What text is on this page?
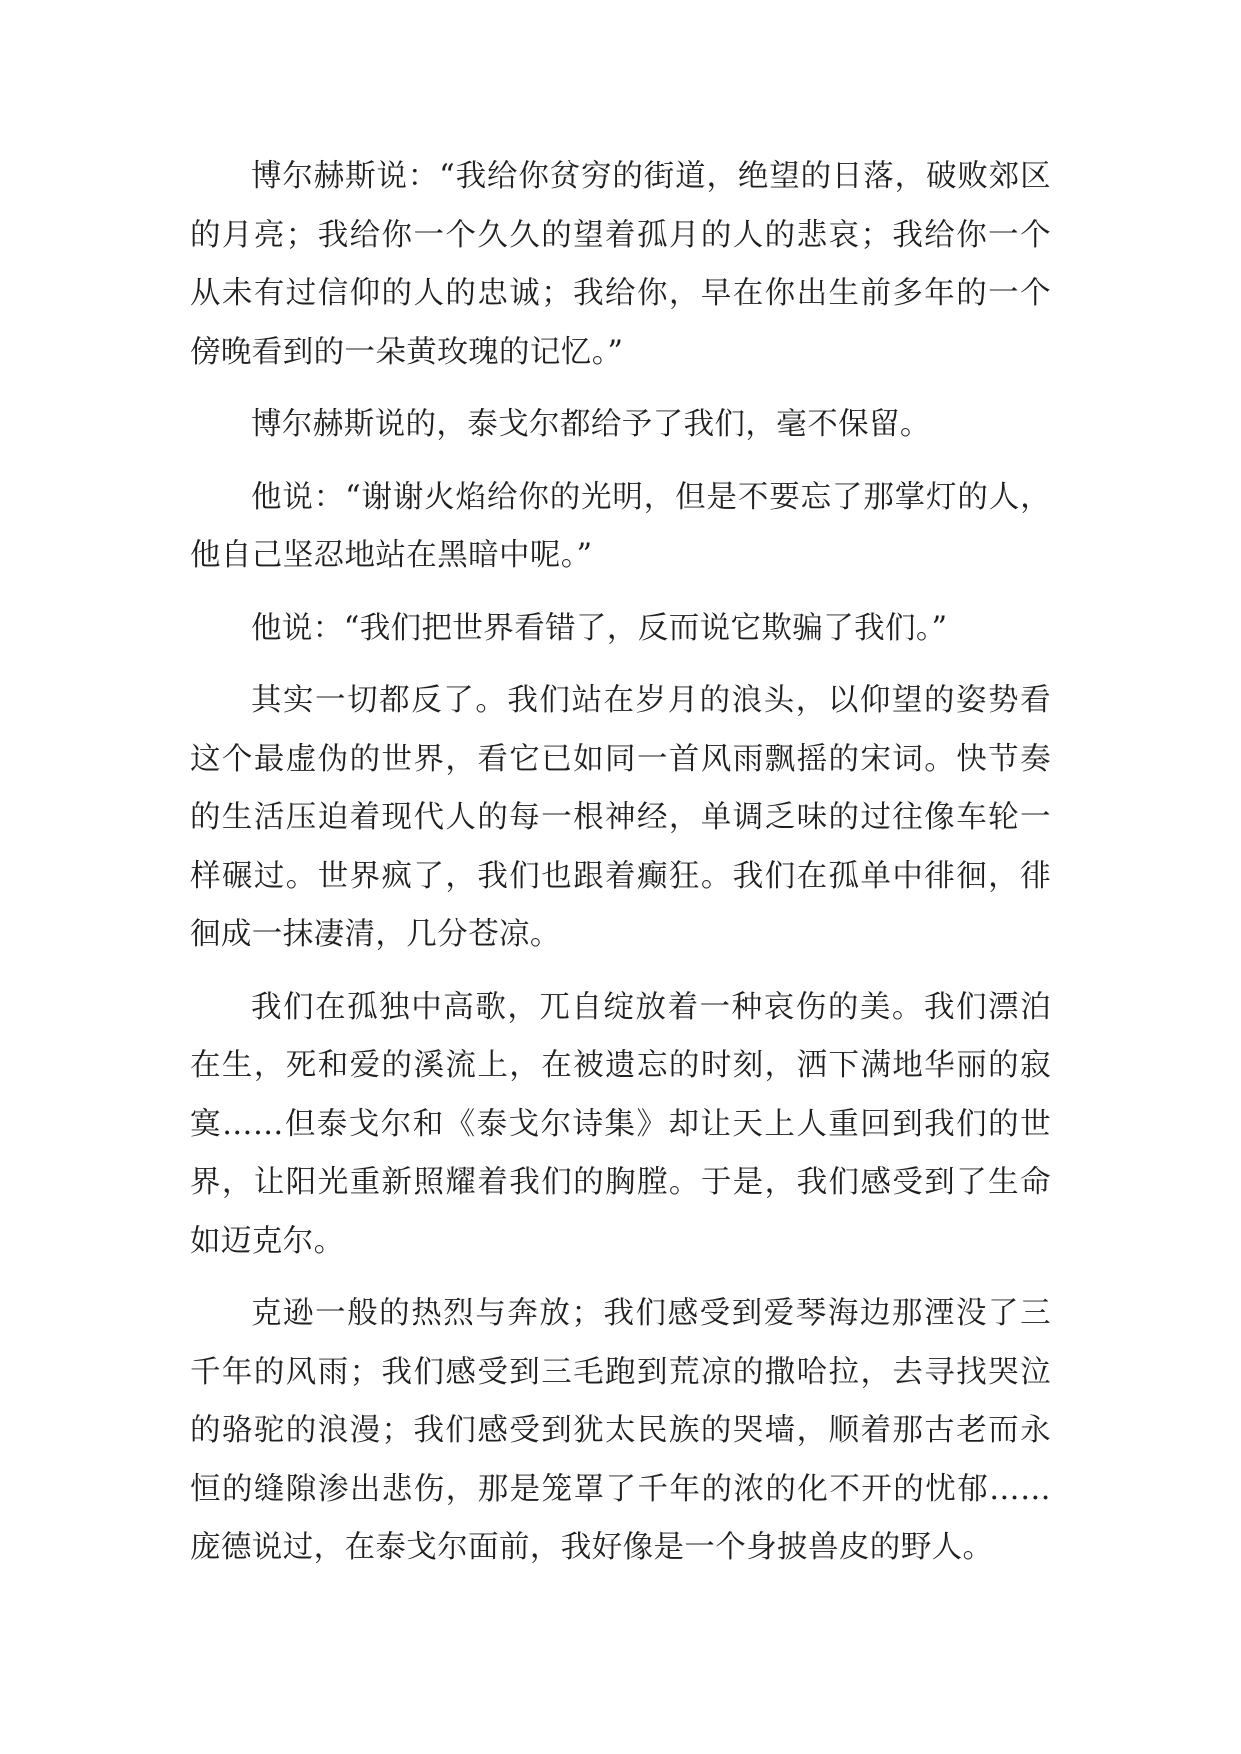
博尔赫斯说：“我给你贫穷的街道，绝望的日落，破败郊区的月亮；我给你一个久久的望着孤月的人的悲哀；我给你一个从未有过信仰的人的忠诚；我给你，早在你出生前多年的一个傍晚看到的一朵黄玫瑰的记忆。”

博尔赫斯说的，泰戈尔都给予了我们，毫不保留。

他说：“谢谢火焰给你的光明，但是不要忘了那掌灯的人，他自己坚忍地站在黑暗中呢。”

他说：“我们把世界看错了，反而说它欺骗了我们。”

其实一切都反了。我们站在岁月的浪头，以仰望的姿势看这个最虚伪的世界，看它已如同一首风雨飘摇的宋词。快节奏的生活压迫着现代人的每一根神经，单调乏味的过往像车轮一样碾过。世界疯了，我们也跟着癫狂。我们在孤单中徘徊，徘徊成一抹凄清，几分苍凉。

我们在孤独中高歌，兀自绽放着一种哀伤的美。我们漂泊在生，死和爱的溪流上，在被遗忘的时刻，洒下满地华丽的寂寞……但泰戈尔和《泰戈尔诗集》却让天上人重回到我们的世界，让阳光重新照耀着我们的胸膛。于是，我们感受到了生命如迈克尔。

克逊一般的热烈与奔放；我们感受到爱琴海边那湮没了三千年的风雨；我们感受到三毛跑到荒凉的撒哈拉，去寻找哭泣的骆驼的浪漫；我们感受到犹太民族的哭墙，顺着那古老而永恒的缝隙渗出悲伤，那是笼罩了千年的浓的化不开的忧郁……庞德说过，在泰戈尔面前，我好像是一个身披兽皮的野人。
